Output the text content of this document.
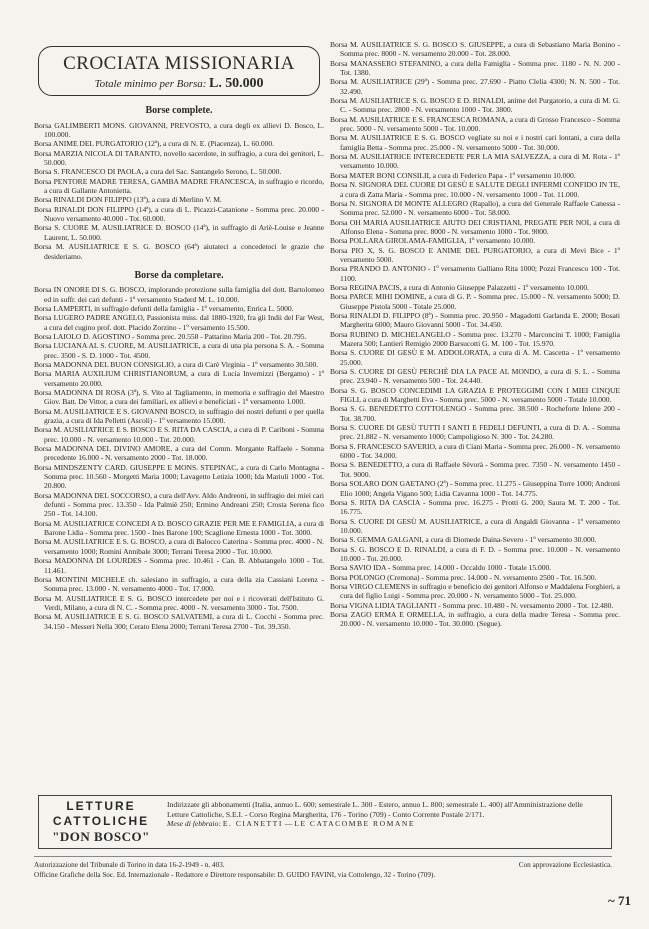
CROCIATA MISSIONARIA
Totale minimo per Borsa: L. 50.000
Borse complete.

Borsa GALIMBERTI MONS. GIOVANNI, PREVOSTO, a cura degli ex allievi D. Bosco, L. 100.000.

Borsa ANIME DEL PURGATORIO (12ª), a cura di N. E. (Piacenza), L. 60.000.

Borsa MARZIA NICOLA DI TARANTO, novello sacerdote, in suffragio, a cura dei genitori, L. 50.000.

Borsa S. FRANCESCO DI PAOLA, a cura del Sac. Santangelo Serono, L. 50.000.

Borsa PENTORE MADRE TERESA, GAMBA MADRE FRANCESCA, in suffragio e ricordo, a cura di Gallante Antonietta.

Borsa RINALDI DON FILIPPO (13ª), a cura di Merlino V. M.

Borsa RINALDI DON FILIPPO (14ª), a cura di L. Picazzi-Catanione - Somma prec. 20.000 - Nuovo versamento 40.000 - Tot. 60.000.

Borsa S. CUORE M. AUSILIATRICE D. BOSCO (14ª), in suffragio di Ariè-Louise e Jeanne Laurent, L. 50.000.

Borsa M. AUSILIATRICE E S. G. BOSCO (64ª) aiutateci a concedetoci le grazie che desideriamo.

Borse da completare.

Borsa IN ONORE DI S. G. BOSCO, implorando protezione sulla famiglia del dott. Bartolomeo ed in suffr. dei cari defunti - 1º versamento Staderd M. L. 10.000.

Borsa LAMPERTI, in suffragio defunti della famiglia - 1º versamento, Enrica L. 5000.

Borsa LUGERO PADRE ANGELO, Passionista miss. dal 1880-1920, fra gli Indii del Far West, a cura del cugino prof. dott. Placido Zorzino - 1º versamento 15.500.

Borsa LAIOLO D. AGOSTINO - Somma prec. 20.558 - Pattarino Maria 200 - Tot. 20.795.

Borsa LUCIANA AL S. CUORE, M. AUSILIATRICE, a cura di una pia persona S. A. - Somma prec. 3500 - S. D. 1000 - Tot. 4500.

Borsa MADONNA DEL BUON CONSIGLIO, a cura di Carè Virginia - 1º versamento 30.500.

Borsa MARIA AUXILIUM CHRISTIANORUM, a cura di Lucia Invernizzi (Bergamo) - 1º versamento 20.000.

Borsa MADONNA DI ROSA (3ª), S. Vito al Tagliamento, in memoria e suffragio del Maestro Giov. Batt. De Vittor, a cura dei familiari, ex allievi e beneficiati - 1º versamento 1.000.

Borsa M. AUSILIATRICE E S. GIOVANNI BOSCO, in suffragio dei nostri defunti e per quella grazia, a cura di Ida Pelletti (Ascoli) - 1º versamento 15.000.

Borsa M. AUSILIATRICE E S. BOSCO E S. RITA DA CASCIA, a cura di P. Cariboni - Somma prec. 10.000 - N. versamento 10.000 - Tot. 20.000.

Borsa MADONNA DEL DIVINO AMORE, a cura del Comm. Morgante Raffaele - Somma precedente 16.000 - N. versamento 2000 - Tot. 18.000.

Borsa MINDSZENTY CARD. GIUSEPPE E MONS. STEPINAC, a cura di Carlo Montagna - Somma prec. 10.560 - Morgetti Maria 1000; Lavagetto Letizia 1000; Ida Mariuli 1000 - Tot. 20.800.

Borsa MADONNA DEL SOCCORSO, a cura dell'Avv. Aldo Andreoni, in suffragio dei miei cari defunti - Somma prec. 13.350 - Ida Palmiè 250; Ermino Andreani 250; Crosta Serena fico 250 - Tot. 14.100.

Borsa M. AUSILIATRICE CONCEDI A D. BOSCO GRAZIE PER ME E FAMIGLIA, a cura di Barone Lidia - Somma prec. 1500 - Ines Barone 100; Scaglione Ernesta 1000 - Tot. 3000.

Borsa M. AUSILIATRICE E S. G. BOSCO, a cura di Balocco Caterina - Somma prec. 4000 - N. versamento 1000; Romini Annibale 3000; Terrani Teresa 2000 - Tot. 10.000.

Borsa MADONNA DI LOURDES - Somma prec. 10.461 - Can. B. Abbatangelo 1000 - Tot. 11.461.

Borsa MONTINI MICHELE ch. salesiano in suffragio, a cura della zia Cassiani Lorenz - Somma prec. 13.000 - N. versamento 4000 - Tot. 17.000.

Borsa M. AUSILIATRICE E S. G. BOSCO intercedete per noi e i ricoverati dell'Istituto G. Verdi, Milano, a cura di N. C. - Somma prec. 4000 - N. versamento 3000 - Tot. 7500.

Borsa M. AUSILIATRICE E S. G. BOSCO SALVATEMI, a cura di L. Cocchi - Somma prec. 34.150 - Messeri Nella 300; Cerato Elena 2000; Terrani Teresa 2700 - Tot. 39.350.

Borsa M. AUSILIATRICE S. G. BOSCO S. GIUSEPPE, a cura di Sebastiano Maria Bonino - Somma prec. 8000 - N. versamento 20.000 - Tot. 28.000.

Borsa MANASSERO STEFANINO, a cura della Famiglia - Somma prec. 1180 - N. N. 200 - Tot. 1380.

Borsa M. AUSILIATRICE (29ª) - Somma prec. 27.690 - Piatto Clelia 4300; N. N. 500 - Tot. 32.490.

Borsa M. AUSILIATRICE S. G. BOSCO E D. RINALDI, anime del Purgatorio, a cura di M. G. C. - Somma prec. 2800 - N. versamento 1000 - Tot. 3800.

Borsa M. AUSILIATRICE E S. FRANCESCA ROMANA, a cura di Grosso Francesco - Somma prec. 5000 - N. versamento 5000 - Tot. 10.000.

Borsa M. AUSILIATRICE E S. G. BOSCO vegliate su noi e i nostri cari lontani, a cura della famiglia Betta - Somma prec. 25.000 - N. versamento 5000 - Tot. 30.000.

Borsa M. AUSILIATRICE INTERCEDETE PER LA MIA SALVEZZA, a cura di M. Rota - 1º versamento 10.000.

Borsa MATER BONI CONSILII, a cura di Federico Papa - 1º versamento 10.000.

Borsa N. SIGNORA DEL CUORE DI GESÙ E SALUTE DEGLI INFERMI CONFIDO IN TE, a cura di Zatta Maria - Somma prec. 10.000 - N. versamento 1000 - Tot. 11.000.

Borsa N. SIGNORA DI MONTE ALLEGRO (Rapallo), a cura del Generale Raffaele Canessa - Somma prec. 52.000 - N. versamento 6000 - Tot. 58.000.

Borsa OH MARIA AUSILIATRICE AIUTO DEI CRISTIANI, PREGATE PER NOI, a cura di Alfonso Elena - Somma prec. 8000 - N. versamento 1000 - Tot. 9000.

Borsa POLLARA GIROLAMA-FAMIGLIA, 1º versamento 10.000.

Borsa PIO X, S. G. BOSCO E ANIME DEL PURGATORIO, a cura di Mevi Bice - 1º versamento 5000.

Borsa PRANDO D. ANTONIO - 1º versamento Galliano Rita 1000; Pozzi Francesco 100 - Tot. 1100.

Borsa REGINA PACIS, a cura di Antonio Giuseppe Palazzetti - 1º versamento 10.000.

Borsa PARCE MIHI DOMINE, a cura di G. P. - Somma prec. 15.000 - N. versamento 5000; D. Giuseppe Pistola 5000 - Totale 25.000.

Borsa RINALDI D. FILIPPO (8ª) - Somma prec. 20.950 - Magadotti Garlanda E. 2000; Bosati Margherita 6000; Mauro Giovanni 5000 - Tot. 34.450.

Borsa RUBINO D. MICHELANGELO - Somma prec. 13.270 - Marconcini T. 1000; Famiglia Mazera 500; Lantieri Remigio 2000 Barsucotti G. M. 100 - Tot. 15.970.

Borsa S. CUORE DI GESÙ E M. ADDOLORATA, a cura di A. M. Cascetta - 1º versamento 25.000.

Borsa S. CUORE DI GESÙ PERCHÈ DIA LA PACE AL MONDO, a cura di S. L. - Somma prec. 23.940 - N. versamento 500 - Tot. 24.440.

Borsa S. G. BOSCO CONCEDIMI LA GRAZIA E PROTEGGIMI CON I MIEI CINQUE FIGLI, a cura di Marghetti Eva - Somma prec. 5000 - N. versamento 5000 - Totale 10.000.

Borsa S. G. BENEDETTO COTTOLENGO - Somma prec. 38.500 - Rocheforte Inlene 200 - Tot. 38.700.

Borsa S. CUORE DI GESÙ TUTTI I SANTI E FEDELI DEFUNTI, a cura di D. A. - Somma prec. 21.882 - N. versamento 1000; Campoligioso N. 300 - Tot. 24.280.

Borsa S. FRANCESCO SAVERIO, a cura di Ciani Maria - Somma prec. 26.000 - N. versamento 6000 - Tot. 34.000.

Borsa S. BENEDETTO, a cura di Raffaele Sévorà - Somma prec. 7350 - N. versamento 1450 - Tot. 9000.

Borsa SOLARO DON GAETANO (2ª) - Somma prec. 11.275 - Giuseppina Torre 1000; Andronì Elio 1000; Angela Vigano 500; Lidia Cavanna 1000 - Tot. 14.775.

Borsa S. RITA DA CASCIA - Somma prec. 16.275 - Protti G. 200; Saura M. T. 200 - Tot. 16.775.

Borsa S. CUORE DI GESÙ M. AUSILIATRICE, a cura di Angaldi Giovanna - 1º versamento 10.000.

Borsa S. GEMMA GALGANI, a cura di Diomede Daina-Severo - 1º versamento 30.000.

Borsa S. G. BOSCO E D. RINALDI, a cura di F. D. - Somma prec. 10.000 - N. versamento 10.000 - Tot. 20.000.

Borsa SAVIO IDA - Somma prec. 14.000 - Occaldo 1000 - Totale 15.000.

Borsa POLONGO (Cremona) - Somma prec. 14.000 - N. versamento 2500 - Tot. 16.500.

Borsa VIRGO CLEMENS in suffragio e beneficio dei genitori Alfonso e Maddalena Forghieri, a cura del figlio Luigi - Somma prec. 20.000 - N. versamento 5000 - Tot. 25.000.

Borsa VIGNA LIDIA TAGLIANTI - Somma prec. 10.480 - N. versamento 2000 - Tot. 12.480.

Borsa ZAGO ERMA E ORMELLA, in suffragio, a cura della madre Teresa - Somma prec. 20.000 - N. versamento 10.000 - Tot. 30.000. (Segue).

LETTURE
CATTOLICHE
"DON BOSCO"
Indirizzate gli abbonamenti (Italia, annuo L. 600; semestrale L. 300 - Estero, annuo L. 800; semestrale L. 400) all'Amministrazione delle Letture Cattoliche, S.E.I. - Corso Regina Margherita, 176 - Torino (709) - Conto Corrente Postale 2/171.
Mese di febbraio: E. CIANETTI — LE CATACOMBE ROMANE
Autorizzazione del Tribunale di Torino in data 16-2-1949 - n. 403.	Con approvazione Ecclesiastica.
Officine Grafiche della Soc. Ed. Internazionale - Redattore e Direttore responsabile: D. GUIDO FAVINI, via Cottolengo, 32 - Torino (709).
~ 71
